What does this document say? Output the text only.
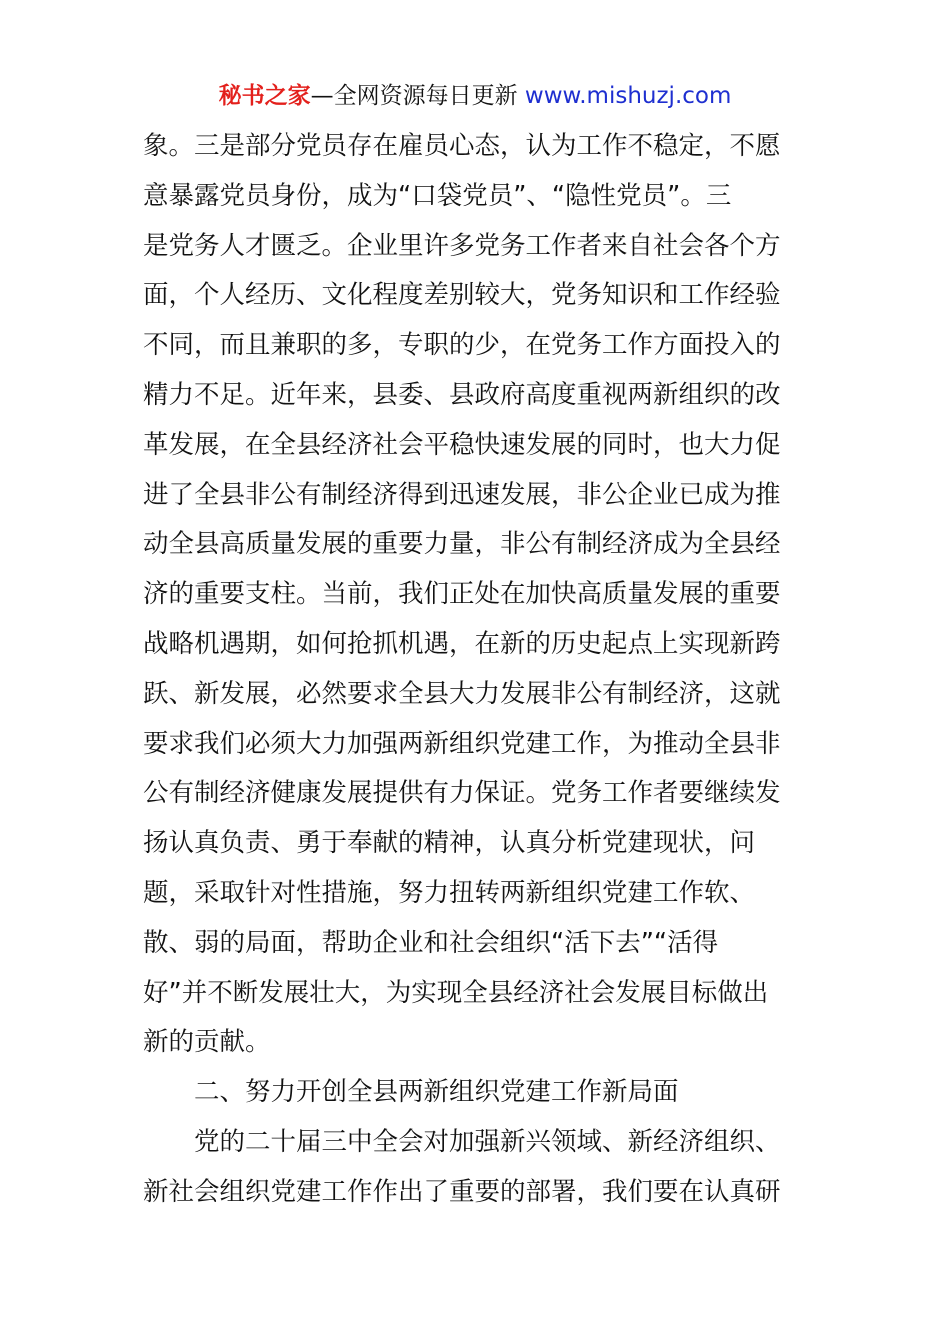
秘书之家—全网资源每日更新 www.mishuzj.com
象。三是部分党员存在雇员心态，认为工作不稳定，不愿
意暴露党员身份，成为“口袋党员”、“隐性党员”。三
是党务人才匮乏。企业里许多党务工作者来自社会各个方
面，个人经历、文化程度差别较大，党务知识和工作经验
不同，而且兼职的多，专职的少，在党务工作方面投入的
精力不足。近年来，县委、县政府高度重视两新组织的改
革发展，在全县经济社会平稳快速发展的同时，也大力促
进了全县非公有制经济得到迅速发展，非公企业已成为推
动全县高质量发展的重要力量，非公有制经济成为全县经
济的重要支柱。当前，我们正处在加快高质量发展的重要
战略机遇期，如何抢抓机遇，在新的历史起点上实现新跨
跃、新发展，必然要求全县大力发展非公有制经济，这就
要求我们必须大力加强两新组织党建工作，为推动全县非
公有制经济健康发展提供有力保证。党务工作者要继续发
扬认真负责、勇于奉献的精神，认真分析党建现状，问
题，采取针对性措施，努力扭转两新组织党建工作软、
散、弱的局面，帮助企业和社会组织“活下去”“活得
好”并不断发展壮大，为实现全县经济社会发展目标做出
新的贡献。
　　二、努力开创全县两新组织党建工作新局面
　　党的二十届三中全会对加强新兴领域、新经济组织、
新社会组织党建工作作出了重要的部署，我们要在认真研
